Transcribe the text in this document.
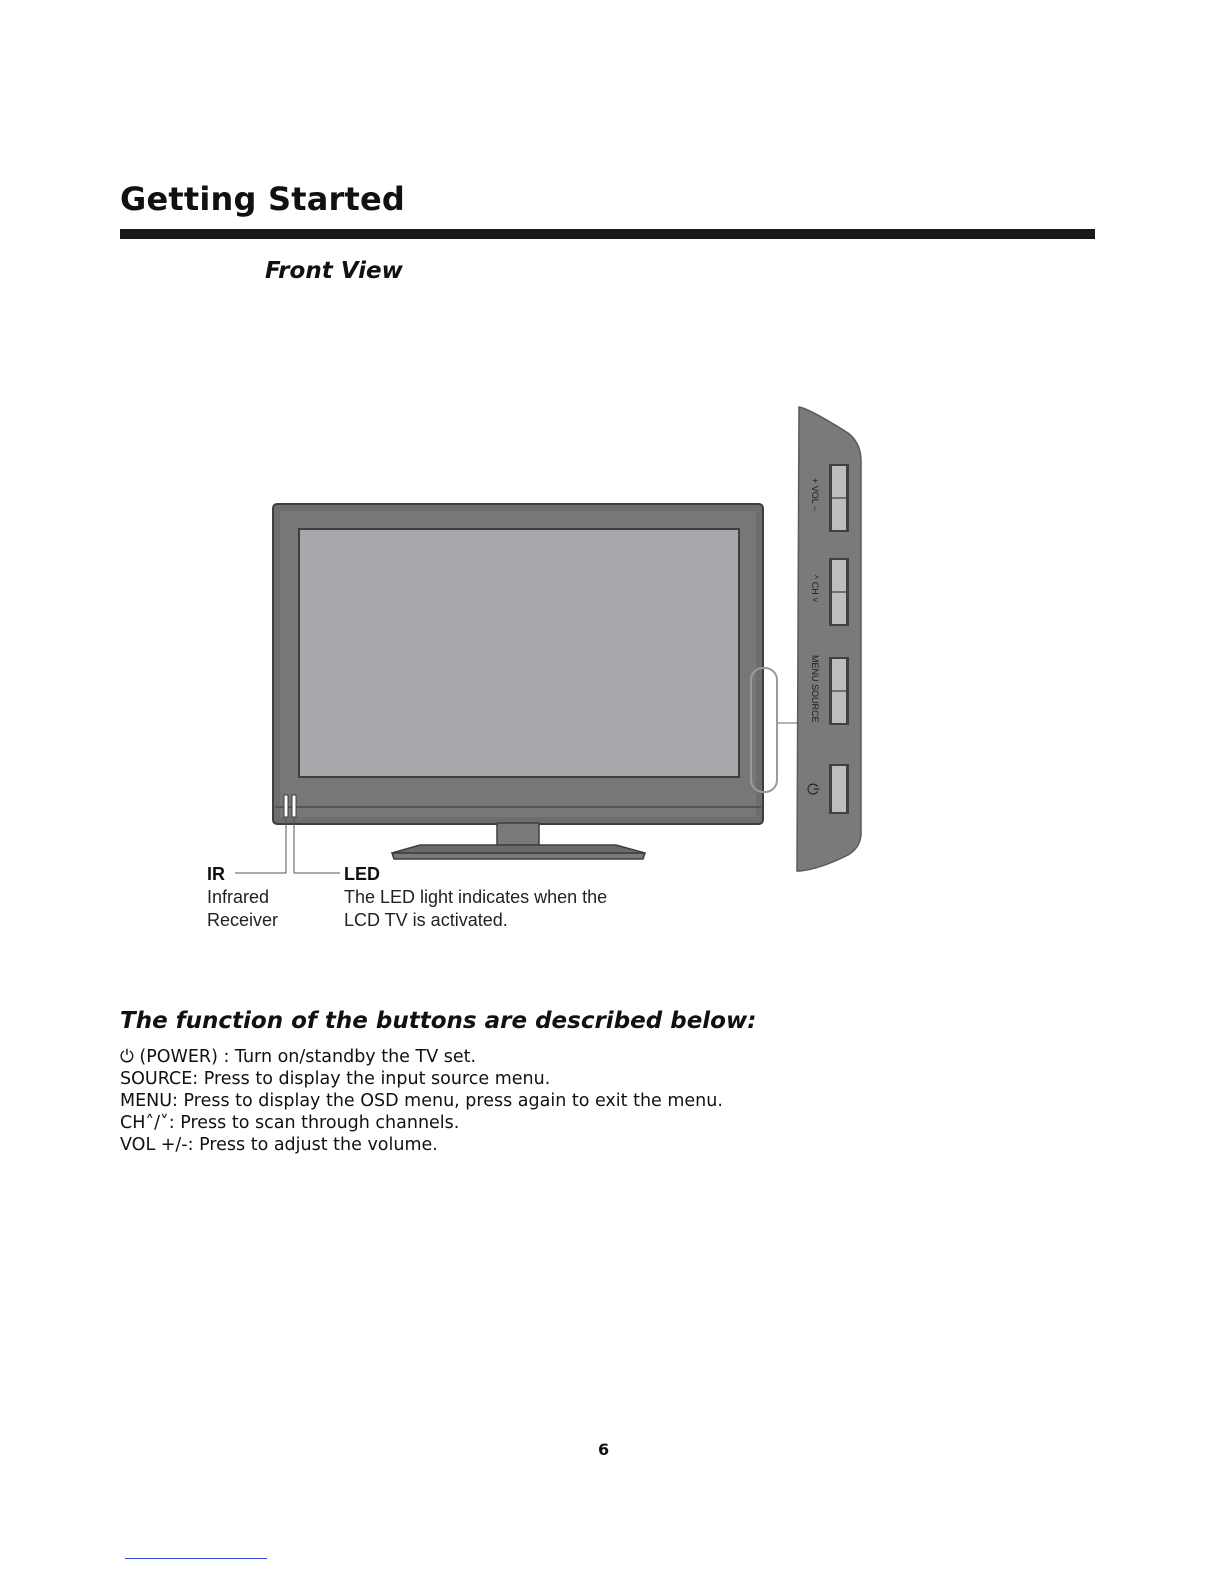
Getting Started
Front View
+ VOL −
^ CH ˅
MENU SOURCE
⏻
IR
Infrared
Receiver
LED
The LED light indicates when the
LCD TV is activated.
The function of the buttons are described below:
⏻ (POWER) : Turn on/standby the TV set.
SOURCE: Press to display the input source menu.
MENU: Press to display the OSD menu, press again to exit the menu.
CH˄/˅: Press to scan through channels.
VOL +/-: Press to adjust the volume.
6
